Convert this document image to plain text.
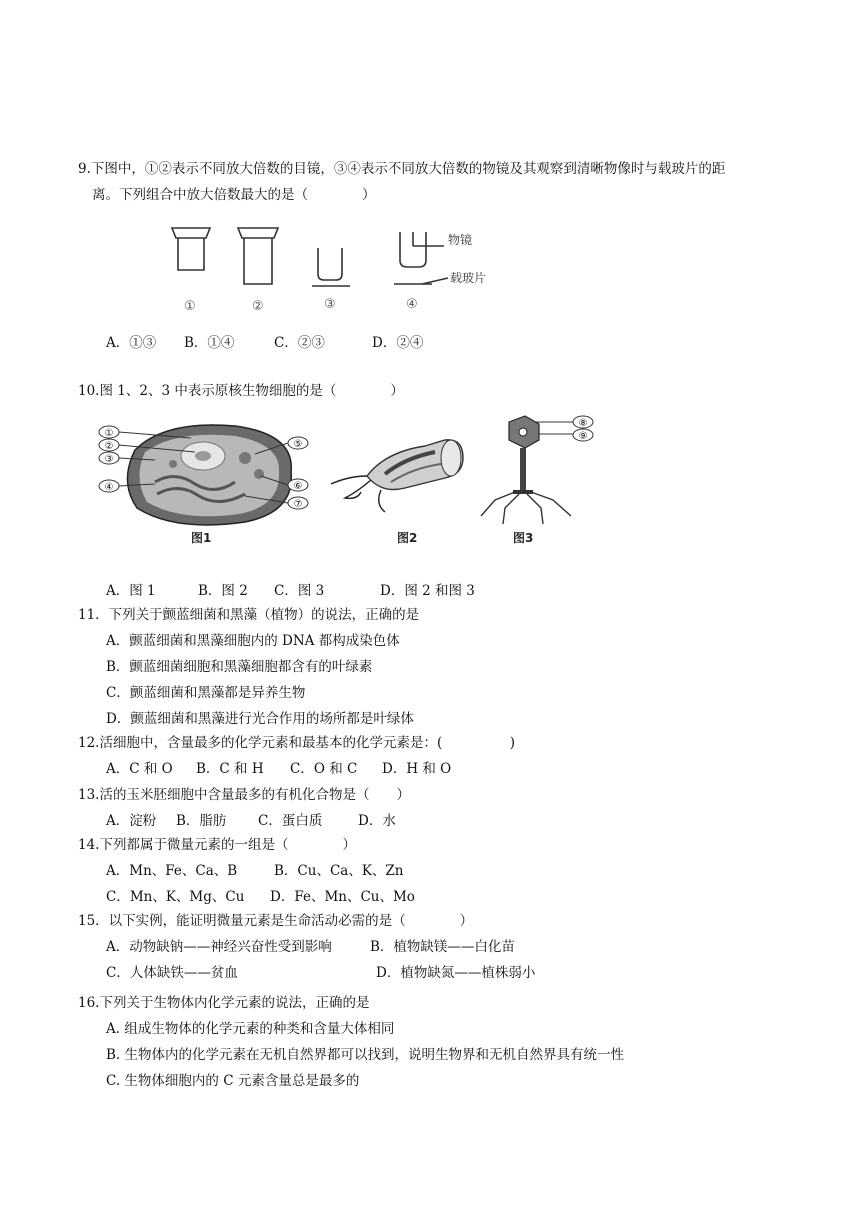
9.下图中，①②表示不同放大倍数的目镜，③④表示不同放大倍数的物镜及其观察到清晰物像时与载玻片的距
离。下列组合中放大倍数最大的是（　　　　）
物镜
载玻片
①	②	③	④
A．①③ B．①④	C．②③	D．②④
10.图 1、2、3 中表示原核生物细胞的是（　　　　）
①
②
③
④
⑤
⑥
⑦
⑧
⑨
图1	图2	图3
A．图 1	B．图 2 C．图 3	D．图 2 和图 3
11．下列关于颤蓝细菌和黑藻（植物）的说法，正确的是
A．颤蓝细菌和黑藻细胞内的 DNA 都构成染色体
B．颤蓝细菌细胞和黑藻细胞都含有的叶绿素
C．颤蓝细菌和黑藻都是异养生物
D．颤蓝细菌和黑藻进行光合作用的场所都是叶绿体
12.活细胞中，含量最多的化学元素和最基本的化学元素是：(　　　　　)
A．C 和 O B．C 和 H C．O 和 C D．H 和 O
13.活的玉米胚细胞中含量最多的有机化合物是（　　）
A．淀粉 B．脂肪 C．蛋白质	D．水
14.下列都属于微量元素的一组是（　　　　）
A．Mn、Fe、Ca、B	B．Cu、Ca、K、Zn
C．Mn、K、Mg、Cu D．Fe、Mn、Cu、Mo
15．以下实例，能证明微量元素是生命活动必需的是（　　　　）
A．动物缺钠——神经兴奋性受到影响	B．植物缺镁——白化苗
C．人体缺铁——贫血	D．植物缺氮——植株弱小
16.下列关于生物体内化学元素的说法，正确的是
A. 组成生物体的化学元素的种类和含量大体相同
B. 生物体内的化学元素在无机自然界都可以找到，说明生物界和无机自然界具有统一性
C. 生物体细胞内的 C 元素含量总是最多的
